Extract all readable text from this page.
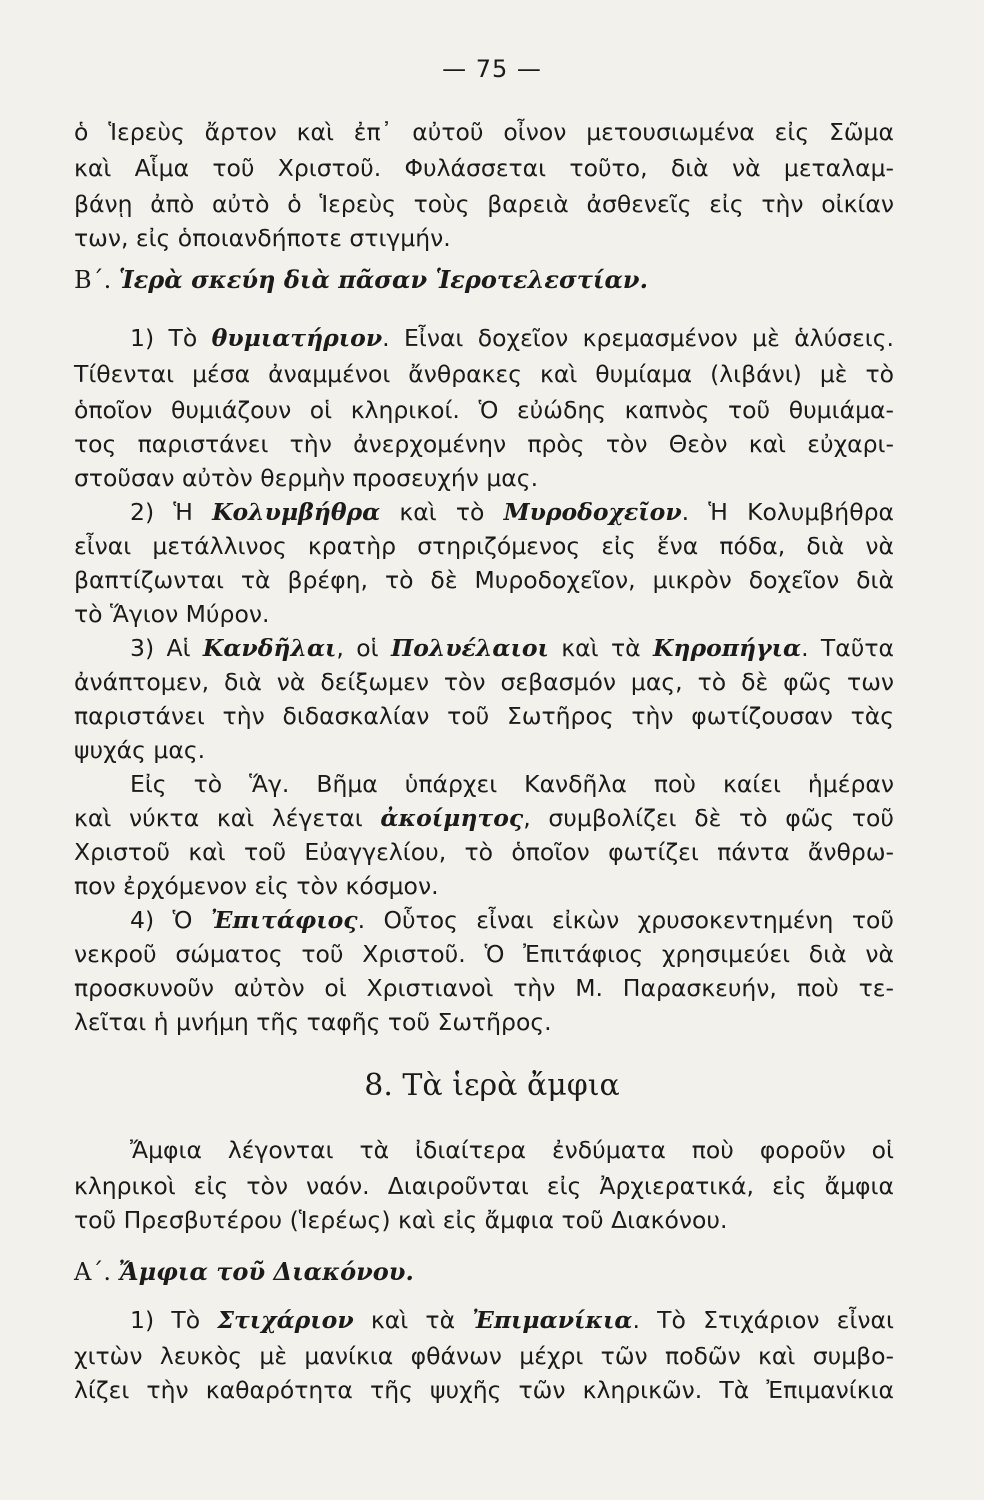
— 75 —
ὁ Ἱερεὺς ἄρτον καὶ ἐπ᾽ αὐτοῦ οἶνον μετουσιωμένα εἰς Σῶμα
καὶ Αἷμα τοῦ Χριστοῦ. Φυλάσσεται τοῦτο, διὰ νὰ μεταλαμ-
βάνῃ ἀπὸ αὐτὸ ὁ Ἱερεὺς τοὺς βαρειὰ ἀσθενεῖς εἰς τὴν οἰκίαν
των, εἰς ὁποιανδήποτε στιγμήν.
Β΄. Ἱερὰ σκεύη διὰ πᾶσαν Ἱεροτελεστίαν.
1) Τὸ θυμιατήριον. Εἶναι δοχεῖον κρεμασμένον μὲ ἁλύσεις.
Τίθενται μέσα ἀναμμένοι ἄνθρακες καὶ θυμίαμα (λιβάνι) μὲ τὸ
ὁποῖον θυμιάζουν οἱ κληρικοί. Ὁ εὐώδης καπνὸς τοῦ θυμιάμα-
τος παριστάνει τὴν ἀνερχομένην πρὸς τὸν Θεὸν καὶ εὐχαρι-
στοῦσαν αὐτὸν θερμὴν προσευχήν μας.
2) Ἡ Κολυμβήθρα καὶ τὸ Μυροδοχεῖον. Ἡ Κολυμβήθρα
εἶναι μετάλλινος κρατὴρ στηριζόμενος εἰς ἕνα πόδα, διὰ νὰ
βαπτίζωνται τὰ βρέφη, τὸ δὲ Μυροδοχεῖον, μικρὸν δοχεῖον διὰ
τὸ Ἅγιον Μύρον.
3) Αἱ Κανδῆλαι, οἱ Πολυέλαιοι καὶ τὰ Κηροπήγια. Ταῦτα
ἀνάπτομεν, διὰ νὰ δείξωμεν τὸν σεβασμόν μας, τὸ δὲ φῶς των
παριστάνει τὴν διδασκαλίαν τοῦ Σωτῆρος τὴν φωτίζουσαν τὰς
ψυχάς μας.
Εἰς τὸ Ἅγ. Βῆμα ὑπάρχει Κανδῆλα ποὺ καίει ἡμέραν
καὶ νύκτα καὶ λέγεται ἀκοίμητος, συμβολίζει δὲ τὸ φῶς τοῦ
Χριστοῦ καὶ τοῦ Εὐαγγελίου, τὸ ὁποῖον φωτίζει πάντα ἄνθρω-
πον ἐρχόμενον εἰς τὸν κόσμον.
4) Ὁ Ἐπιτάφιος. Οὗτος εἶναι εἰκὼν χρυσοκεντημένη τοῦ
νεκροῦ σώματος τοῦ Χριστοῦ. Ὁ Ἐπιτάφιος χρησιμεύει διὰ νὰ
προσκυνοῦν αὐτὸν οἱ Χριστιανοὶ τὴν Μ. Παρασκευήν, ποὺ τε-
λεῖται ἡ μνήμη τῆς ταφῆς τοῦ Σωτῆρος.
8. Τὰ ἱερὰ ἄμφια
Ἄμφια λέγονται τὰ ἰδιαίτερα ἐνδύματα ποὺ φοροῦν οἱ
κληρικοὶ εἰς τὸν ναόν. Διαιροῦνται εἰς Ἀρχιερατικά, εἰς ἄμφια
τοῦ Πρεσβυτέρου (Ἱερέως) καὶ εἰς ἄμφια τοῦ Διακόνου.
Α΄. Ἄμφια τοῦ Διακόνου.
1) Τὸ Στιχάριον καὶ τὰ Ἐπιμανίκια. Τὸ Στιχάριον εἶναι
χιτὼν λευκὸς μὲ μανίκια φθάνων μέχρι τῶν ποδῶν καὶ συμβο-
λίζει τὴν καθαρότητα τῆς ψυχῆς τῶν κληρικῶν. Τὰ Ἐπιμανίκια
